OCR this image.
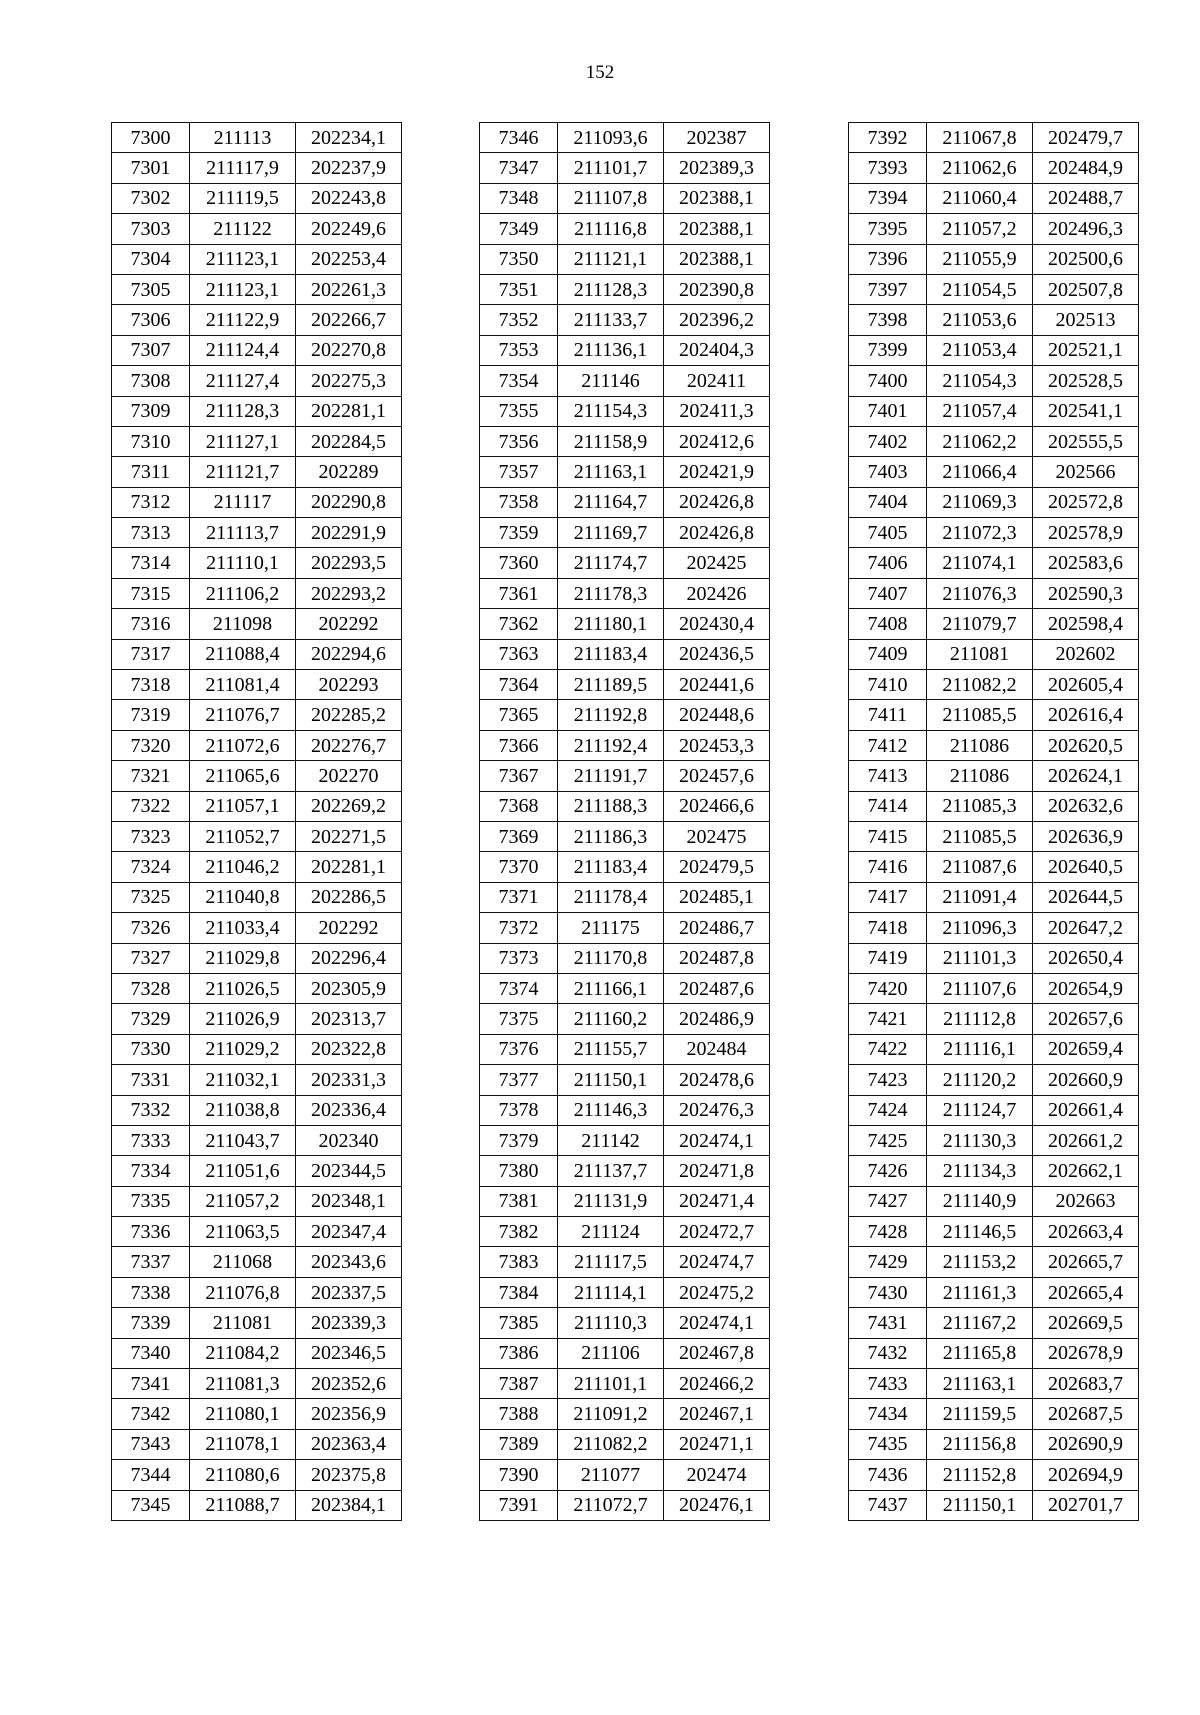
152
7300	211113	202234,1
7301	211117,9	202237,9
7302	211119,5	202243,8
7303	211122	202249,6
7304	211123,1	202253,4
7305	211123,1	202261,3
7306	211122,9	202266,7
7307	211124,4	202270,8
7308	211127,4	202275,3
7309	211128,3	202281,1
7310	211127,1	202284,5
7311	211121,7	202289
7312	211117	202290,8
7313	211113,7	202291,9
7314	211110,1	202293,5
7315	211106,2	202293,2
7316	211098	202292
7317	211088,4	202294,6
7318	211081,4	202293
7319	211076,7	202285,2
7320	211072,6	202276,7
7321	211065,6	202270
7322	211057,1	202269,2
7323	211052,7	202271,5
7324	211046,2	202281,1
7325	211040,8	202286,5
7326	211033,4	202292
7327	211029,8	202296,4
7328	211026,5	202305,9
7329	211026,9	202313,7
7330	211029,2	202322,8
7331	211032,1	202331,3
7332	211038,8	202336,4
7333	211043,7	202340
7334	211051,6	202344,5
7335	211057,2	202348,1
7336	211063,5	202347,4
7337	211068	202343,6
7338	211076,8	202337,5
7339	211081	202339,3
7340	211084,2	202346,5
7341	211081,3	202352,6
7342	211080,1	202356,9
7343	211078,1	202363,4
7344	211080,6	202375,8
7345	211088,7	202384,1
7346	211093,6	202387
7347	211101,7	202389,3
7348	211107,8	202388,1
7349	211116,8	202388,1
7350	211121,1	202388,1
7351	211128,3	202390,8
7352	211133,7	202396,2
7353	211136,1	202404,3
7354	211146	202411
7355	211154,3	202411,3
7356	211158,9	202412,6
7357	211163,1	202421,9
7358	211164,7	202426,8
7359	211169,7	202426,8
7360	211174,7	202425
7361	211178,3	202426
7362	211180,1	202430,4
7363	211183,4	202436,5
7364	211189,5	202441,6
7365	211192,8	202448,6
7366	211192,4	202453,3
7367	211191,7	202457,6
7368	211188,3	202466,6
7369	211186,3	202475
7370	211183,4	202479,5
7371	211178,4	202485,1
7372	211175	202486,7
7373	211170,8	202487,8
7374	211166,1	202487,6
7375	211160,2	202486,9
7376	211155,7	202484
7377	211150,1	202478,6
7378	211146,3	202476,3
7379	211142	202474,1
7380	211137,7	202471,8
7381	211131,9	202471,4
7382	211124	202472,7
7383	211117,5	202474,7
7384	211114,1	202475,2
7385	211110,3	202474,1
7386	211106	202467,8
7387	211101,1	202466,2
7388	211091,2	202467,1
7389	211082,2	202471,1
7390	211077	202474
7391	211072,7	202476,1
7392	211067,8	202479,7
7393	211062,6	202484,9
7394	211060,4	202488,7
7395	211057,2	202496,3
7396	211055,9	202500,6
7397	211054,5	202507,8
7398	211053,6	202513
7399	211053,4	202521,1
7400	211054,3	202528,5
7401	211057,4	202541,1
7402	211062,2	202555,5
7403	211066,4	202566
7404	211069,3	202572,8
7405	211072,3	202578,9
7406	211074,1	202583,6
7407	211076,3	202590,3
7408	211079,7	202598,4
7409	211081	202602
7410	211082,2	202605,4
7411	211085,5	202616,4
7412	211086	202620,5
7413	211086	202624,1
7414	211085,3	202632,6
7415	211085,5	202636,9
7416	211087,6	202640,5
7417	211091,4	202644,5
7418	211096,3	202647,2
7419	211101,3	202650,4
7420	211107,6	202654,9
7421	211112,8	202657,6
7422	211116,1	202659,4
7423	211120,2	202660,9
7424	211124,7	202661,4
7425	211130,3	202661,2
7426	211134,3	202662,1
7427	211140,9	202663
7428	211146,5	202663,4
7429	211153,2	202665,7
7430	211161,3	202665,4
7431	211167,2	202669,5
7432	211165,8	202678,9
7433	211163,1	202683,7
7434	211159,5	202687,5
7435	211156,8	202690,9
7436	211152,8	202694,9
7437	211150,1	202701,7
